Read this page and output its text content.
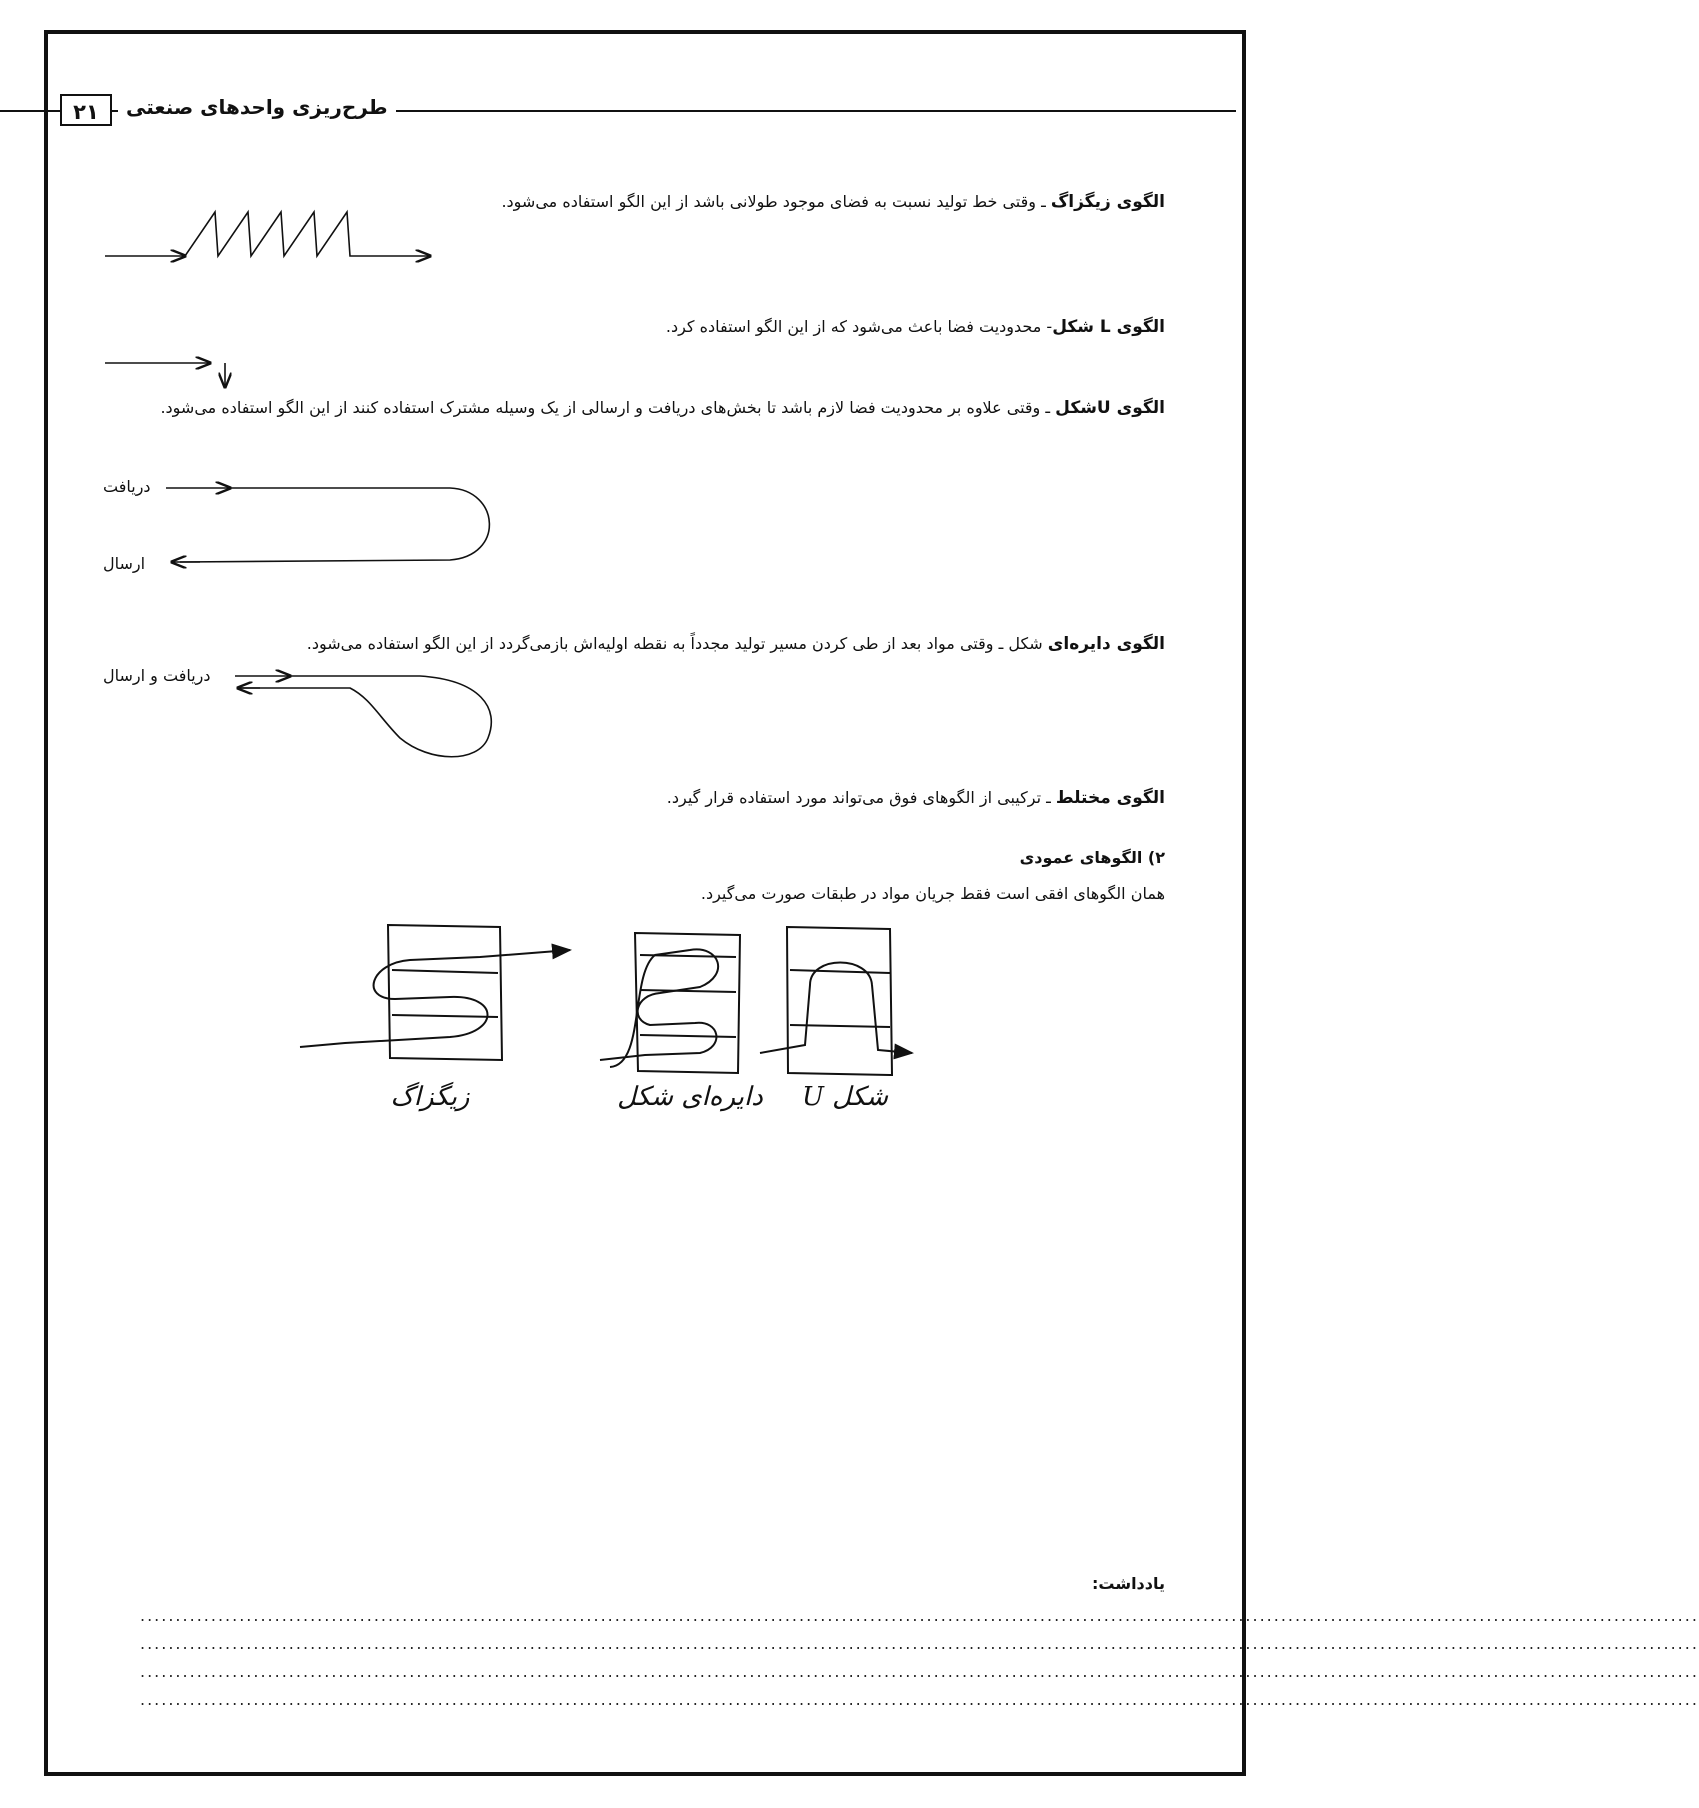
۲۱	طرح‌ریزی واحدهای صنعتی
الگوی زیگزاگ ـ وقتی خط تولید نسبت به فضای موجود طولانی باشد از این الگو استفاده می‌شود.
الگوی L شکل- محدودیت فضا باعث می‌شود که از این الگو استفاده کرد.
الگوی Uشکل ـ وقتی علاوه بر محدودیت فضا لازم باشد تا بخش‌های دریافت و ارسالی از یک وسیله مشترک استفاده کنند از این الگو استفاده می‌شود.
دریافت
ارسال
الگوی دایره‌ای شکل ـ وقتی مواد بعد از طی کردن مسیر تولید مجدداً به نقطه اولیه‌اش بازمی‌گردد از این الگو استفاده می‌شود.
دریافت و ارسال
الگوی مختلط ـ ترکیبی از الگوهای فوق می‌تواند مورد استفاده قرار گیرد.
۲) الگوهای عمودی
همان الگوهای افقی است فقط جریان مواد در طبقات صورت می‌گیرد.
زیگزاگ	دایره‌ای شکل U شکل
یادداشت:
............................................................................................................................................................................................................................
............................................................................................................................................................................................................................
............................................................................................................................................................................................................................
............................................................................................................................................................................................................................
